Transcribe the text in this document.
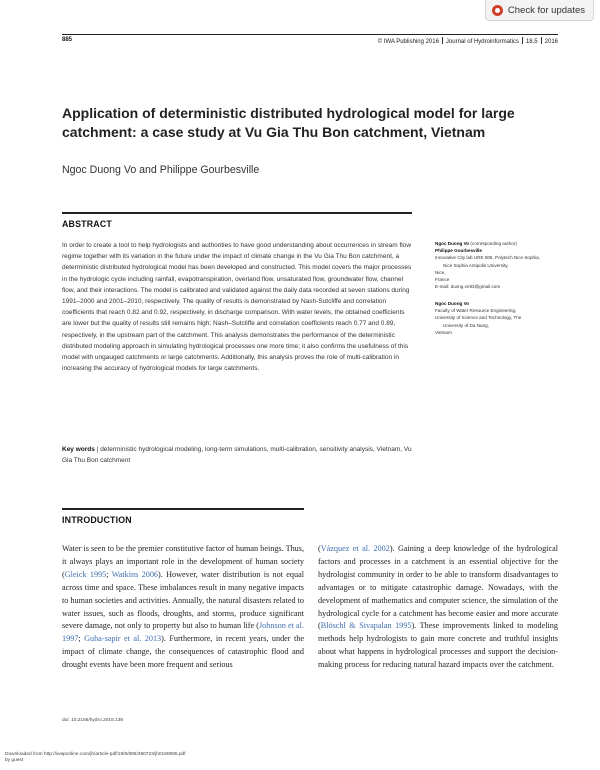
Check for updates
885	© IWA Publishing 2016 Journal of Hydroinformatics 18.5 2016
Application of deterministic distributed hydrological model for large catchment: a case study at Vu Gia Thu Bon catchment, Vietnam
Ngoc Duong Vo and Philippe Gourbesville
ABSTRACT

In order to create a tool to help hydrologists and authorities to have good understanding about occurrences in stream flow regime together with its variation in the future under the impact of climate change in the Vu Gia Thu Bon catchment, a deterministic distributed hydrological model has been developed and constructed. This model covers the major processes in the hydrologic cycle including rainfall, evapotranspiration, overland flow, unsaturated flow, groundwater flow, channel flow, and their interactions. The model is calibrated and validated against the daily data recorded at seven stations during 1991–2000 and 2001–2010, respectively. The quality of results is demonstrated by Nash-Sutcliffe and correlation coefficients that reach 0.82 and 0.92, respectively, in discharge comparison. With water levels, the obtained coefficients are lower but the quality of results still remains high; Nash–Sutcliffe and correlation coefficients reach 0.77 and 0.89, respectively, in the upstream part of the catchment. This analysis demonstrates the performance of the deterministic distributed modeling approach in simulating hydrological processes one more time; it also confirms the usefulness of this model with ungauged catchments or large catchments. Additionally, this analysis proves the role of multi-calibration in increasing the accuracy of hydrological models for large catchments.

Key words | deterministic hydrological modeling, long-term simulations, multi-calibration, sensitivity analysis, Vietnam, Vu Gia Thu Bon catchment
Ngoc Duong Vo (corresponding author)
Philippe Gourbesville
Innovative City lab URE 005, Polytech Nice Sophia,
Nice Sophia Antipolis University,
Nice,
France
E-mail: duong.vn93@gmail.com
Ngoc Duong Vo
Faculty of Water Resource Engineering,
University of Science and Technology, The
University of Da Nang,
Vietnam
INTRODUCTION

Water is seen to be the premier constitutive factor of human beings. Thus, it always plays an important role in the development of human society (Gleick 1995; Watkins 2006). However, water distribution is not equal across time and space. These imbalances result in many negative impacts to human societies and activities. Annually, the natural disasters related to water issues, such as floods, droughts, and storms, produce significant severe damage, not only to property but also to human life (Johnson et al. 1997; Guha-sapir et al. 2013). Furthermore, in recent years, under the impact of climate change, the consequences of catastrophic flood and drought events have been more frequent and serious

(Vázquez et al. 2002). Gaining a deep knowledge of the hydrological factors and processes in a catchment is an essential objective for the hydrologist community in order to be able to transform disadvantages to advantages or to mitigate catastrophic damage. Nowadays, with the development of mathematics and computer science, the simulation of the hydrological cycle for a catchment has become easier and more accurate (Blöschl & Sivapalan 1995). These improvements linked to modeling methods help hydrologists to gain more concrete and truthful insights about what happens in hydrological processes and support the decision-making process for reducing natural hazard impacts over the catchment.

doi: 10.2166/hydro.2016.138
Downloaded from http://iwaponline.com/jh/article-pdf/18/5/885/390723/jh0180885.pdf
by guest
